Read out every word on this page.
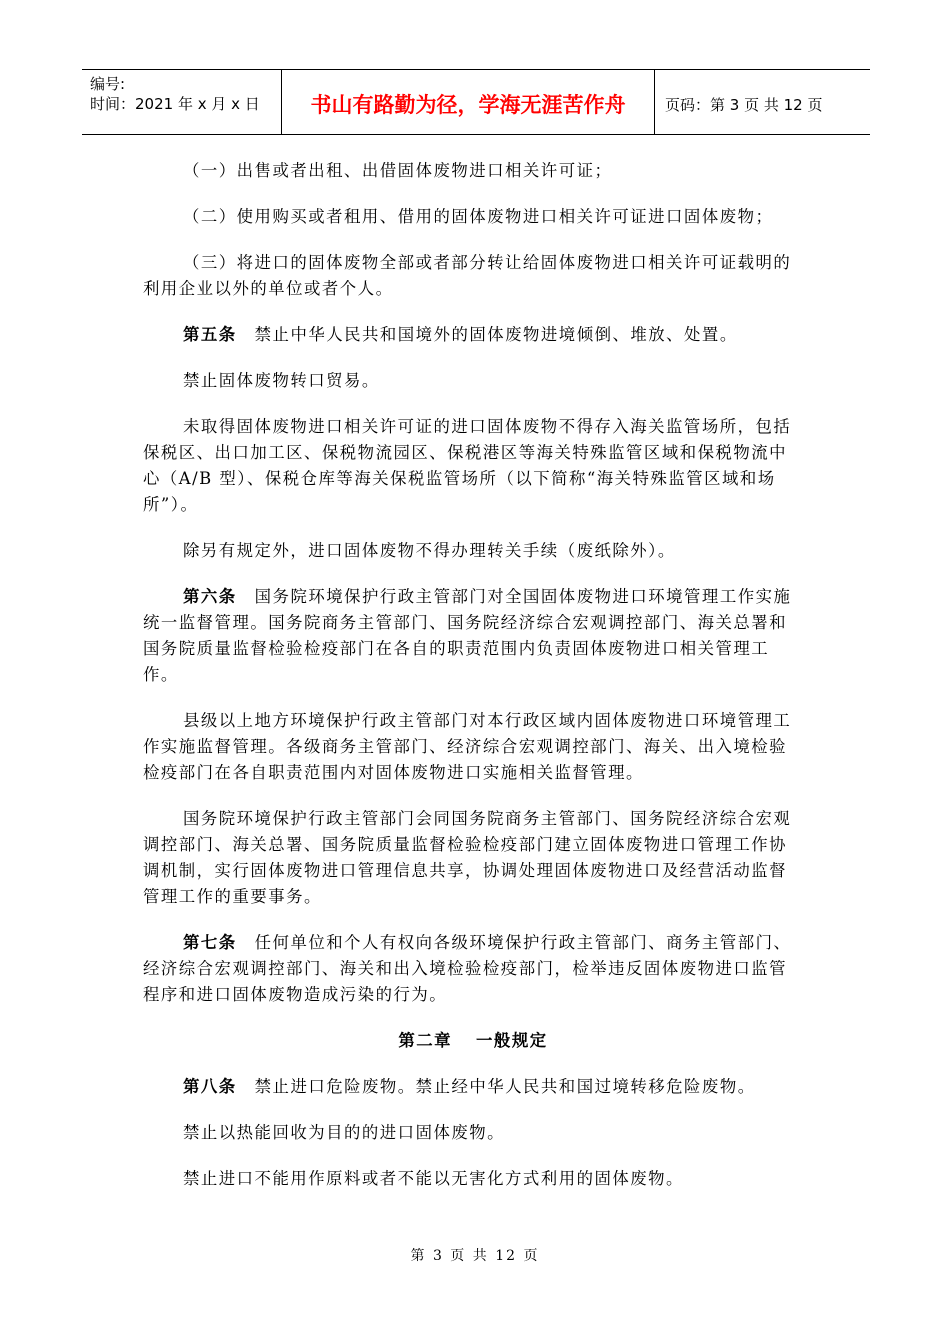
编号:
时间：2021 年 x 月 x 日	书山有路勤为径，学海无涯苦作舟	页码：第 3 页 共 12 页

（一）出售或者出租、出借固体废物进口相关许可证；

（二）使用购买或者租用、借用的固体废物进口相关许可证进口固体废物；

（三）将进口的固体废物全部或者部分转让给固体废物进口相关许可证载明的利用企业以外的单位或者个人。

第五条 禁止中华人民共和国境外的固体废物进境倾倒、堆放、处置。

禁止固体废物转口贸易。

未取得固体废物进口相关许可证的进口固体废物不得存入海关监管场所，包括保税区、出口加工区、保税物流园区、保税港区等海关特殊监管区域和保税物流中心（A/B 型）、保税仓库等海关保税监管场所（以下简称“海关特殊监管区域和场所”）。

除另有规定外，进口固体废物不得办理转关手续（废纸除外）。

第六条 国务院环境保护行政主管部门对全国固体废物进口环境管理工作实施统一监督管理。国务院商务主管部门、国务院经济综合宏观调控部门、海关总署和国务院质量监督检验检疫部门在各自的职责范围内负责固体废物进口相关管理工作。

县级以上地方环境保护行政主管部门对本行政区域内固体废物进口环境管理工作实施监督管理。各级商务主管部门、经济综合宏观调控部门、海关、出入境检验检疫部门在各自职责范围内对固体废物进口实施相关监督管理。

国务院环境保护行政主管部门会同国务院商务主管部门、国务院经济综合宏观调控部门、海关总署、国务院质量监督检验检疫部门建立固体废物进口管理工作协调机制，实行固体废物进口管理信息共享，协调处理固体废物进口及经营活动监督管理工作的重要事务。

第七条 任何单位和个人有权向各级环境保护行政主管部门、商务主管部门、经济综合宏观调控部门、海关和出入境检验检疫部门，检举违反固体废物进口监管程序和进口固体废物造成污染的行为。

第二章 一般规定

第八条 禁止进口危险废物。禁止经中华人民共和国过境转移危险废物。

禁止以热能回收为目的的进口固体废物。

禁止进口不能用作原料或者不能以无害化方式利用的固体废物。

第 3 页 共 12 页
